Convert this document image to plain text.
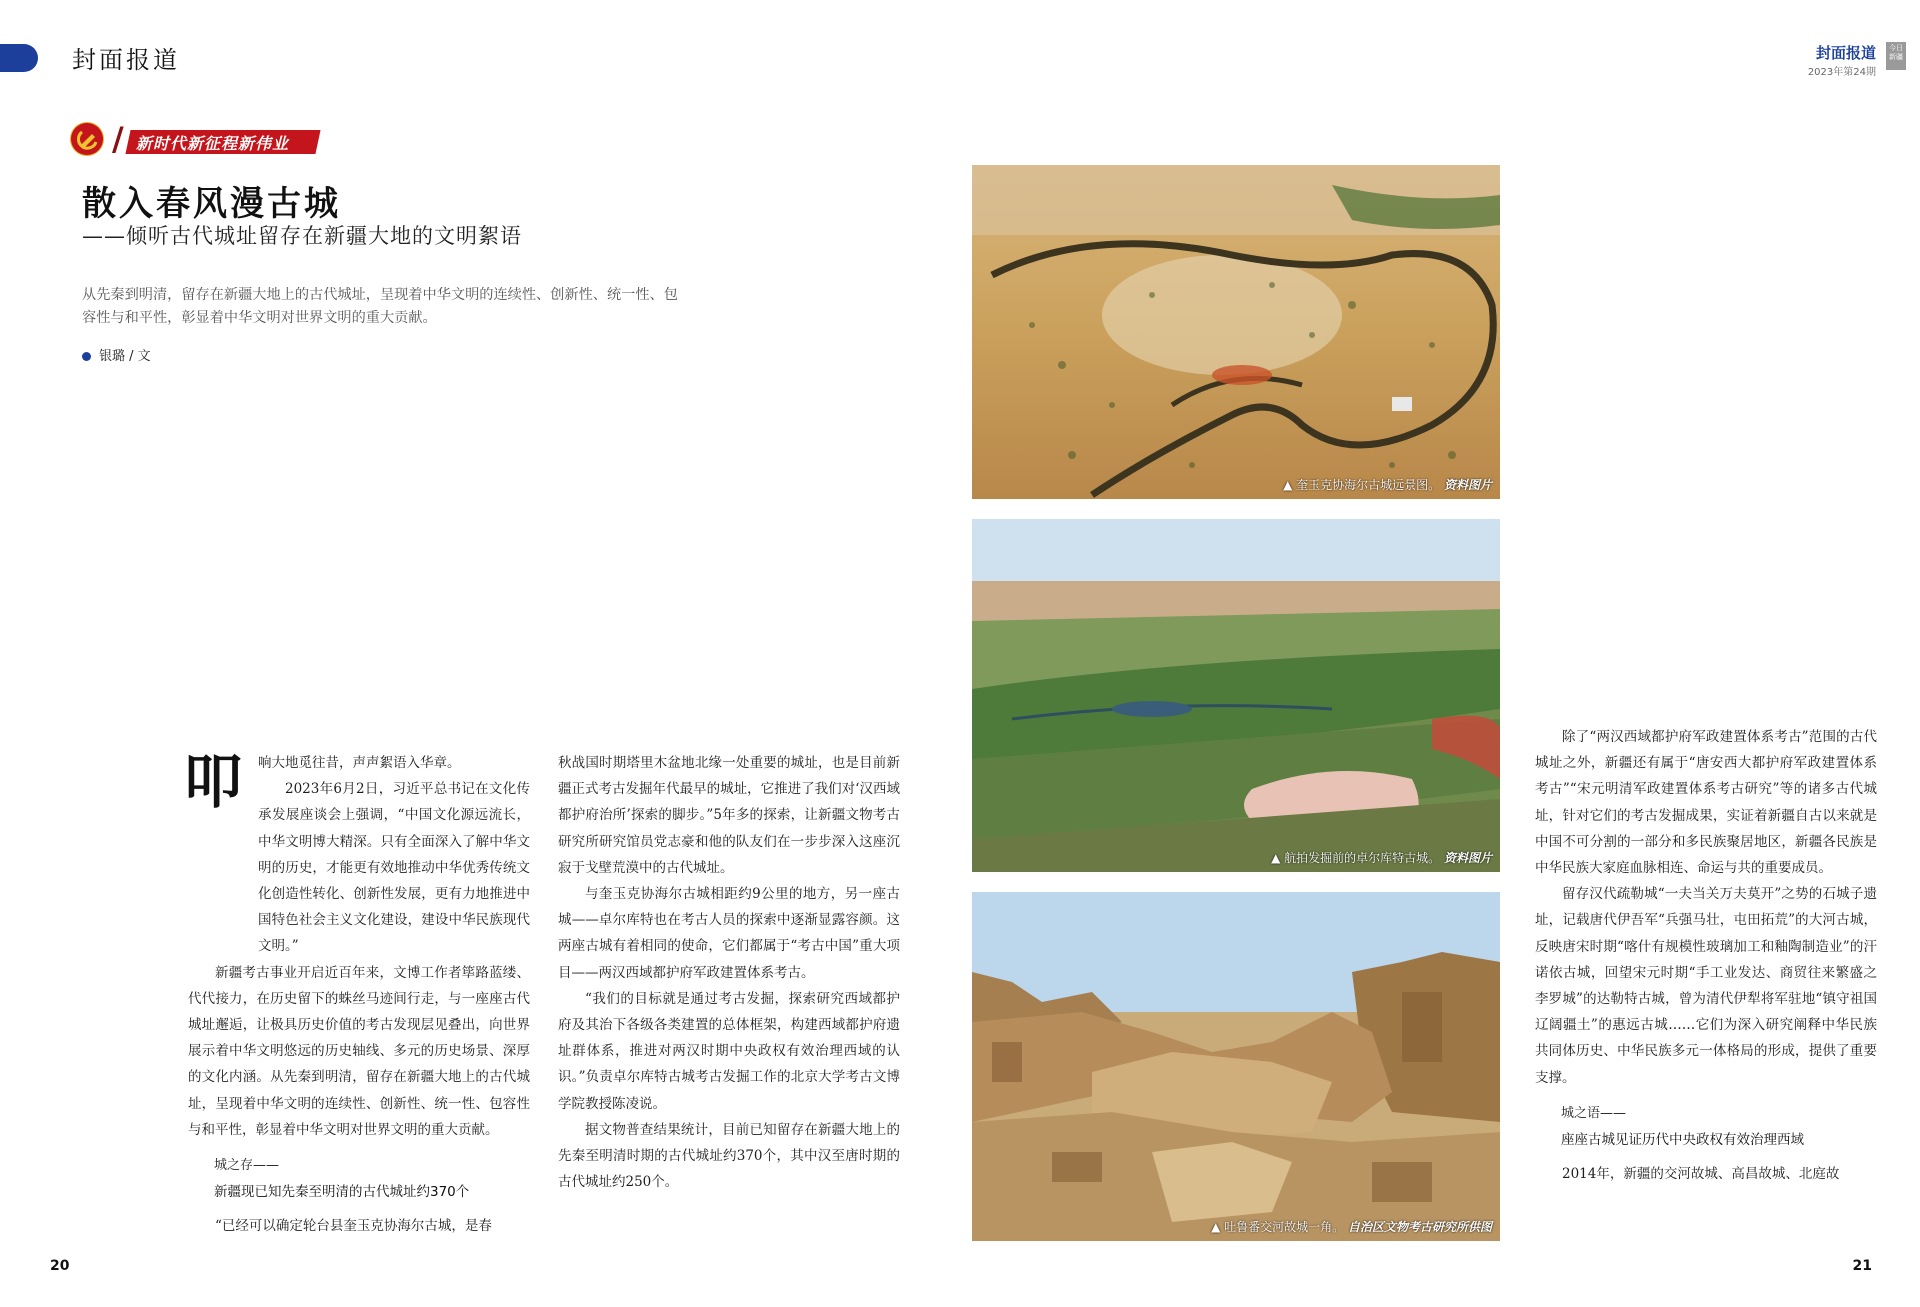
封面报道	封面报道
2023年第24期
今日新疆
/ 新时代新征程新伟业
散入春风漫古城
——倾听古代城址留存在新疆大地的文明絮语
从先秦到明清，留存在新疆大地上的古代城址，呈现着中华文明的连续性、创新性、统一性、包容性与和平性，彰显着中华文明对世界文明的重大贡献。
银璐 / 文
叩	响大地觅往昔，声声絮语入华章。

2023年6月2日，习近平总书记在文化传承发展座谈会上强调，“中国文化源远流长，中华文明博大精深。只有全面深入了解中华文明的历史，才能更有效地推动中华优秀传统文化创造性转化、创新性发展，更有力地推进中国特色社会主义文化建设，建设中华民族现代文明。”

新疆考古事业开启近百年来，文博工作者筚路蓝缕、代代接力，在历史留下的蛛丝马迹间行走，与一座座古代城址邂逅，让极具历史价值的考古发现层见叠出，向世界展示着中华文明悠远的历史轴线、多元的历史场景、深厚的文化内涵。从先秦到明清，留存在新疆大地上的古代城址，呈现着中华文明的连续性、创新性、统一性、包容性与和平性，彰显着中华文明对世界文明的重大贡献。

城之存——
新疆现已知先秦至明清的古代城址约370个

“已经可以确定轮台县奎玉克协海尔古城，是春

秋战国时期塔里木盆地北缘一处重要的城址，也是目前新疆正式考古发掘年代最早的城址，它推进了我们对‘汉西域都护府治所’探索的脚步。”5年多的探索，让新疆文物考古研究所研究馆员党志豪和他的队友们在一步步深入这座沉寂于戈壁荒漠中的古代城址。

与奎玉克协海尔古城相距约9公里的地方，另一座古城——卓尔库特也在考古人员的探索中逐渐显露容颜。这两座古城有着相同的使命，它们都属于“考古中国”重大项目——两汉西域都护府军政建置体系考古。

“我们的目标就是通过考古发掘，探索研究西域都护府及其治下各级各类建置的总体框架，构建西域都护府遗址群体系，推进对两汉时期中央政权有效治理西域的认识。”负责卓尔库特古城考古发掘工作的北京大学考古文博学院教授陈凌说。

据文物普查结果统计，目前已知留存在新疆大地上的先秦至明清时期的古代城址约370个，其中汉至唐时期的古代城址约250个。

▲ 奎玉克协海尔古城远景图。 资料图片
▲ 航拍发掘前的卓尔库特古城。 资料图片
▲ 吐鲁番交河故城一角。 自治区文物考古研究所供图

除了“两汉西域都护府军政建置体系考古”范围的古代城址之外，新疆还有属于“唐安西大都护府军政建置体系考古”“宋元明清军政建置体系考古研究”等的诸多古代城址，针对它们的考古发掘成果，实证着新疆自古以来就是中国不可分割的一部分和多民族聚居地区，新疆各民族是中华民族大家庭血脉相连、命运与共的重要成员。

留存汉代疏勒城“一夫当关万夫莫开”之势的石城子遗址，记载唐代伊吾军“兵强马壮，屯田拓荒”的大河古城，反映唐宋时期“喀什有规模性玻璃加工和釉陶制造业”的汗诺依古城，回望宋元时期“手工业发达、商贸往来繁盛之李罗城”的达勒特古城，曾为清代伊犁将军驻地“镇守祖国辽阔疆土”的惠远古城……它们为深入研究阐释中华民族共同体历史、中华民族多元一体格局的形成，提供了重要支撑。

城之语——
座座古城见证历代中央政权有效治理西域

2014年，新疆的交河故城、高昌故城、北庭故

20	21
